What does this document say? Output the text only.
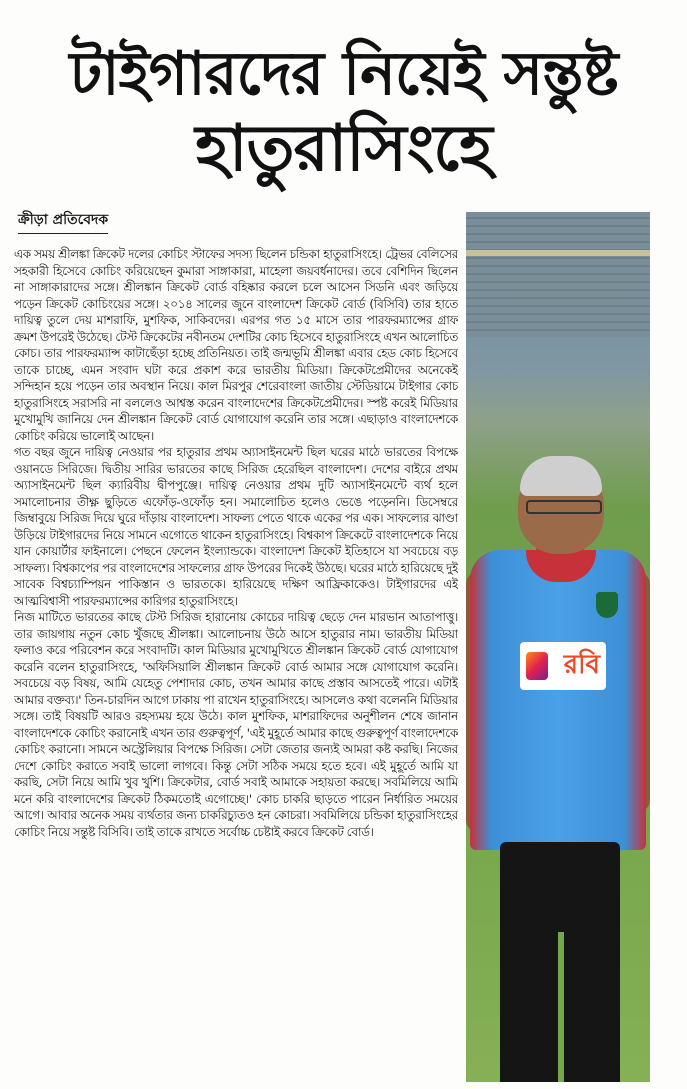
টাইগারদের নিয়েই সন্তুষ্ট
হাতুরাসিংহে
ক্রীড়া প্রতিবেদক

এক সময় শ্রীলঙ্কা ক্রিকেট দলের কোচিং স্টাফের সদস্য ছিলেন চন্ডিকা হাতুরাসিংহে। ট্রেভর বেলিসের সহকারী হিসেবে কোচিং করিয়েছেন কুমারা সাঙ্গাকারা, মাহেলা জয়বর্ধনাদের। তবে বেশিদিন ছিলেন না সাঙ্গাকারাদের সঙ্গে। শ্রীলঙ্কান ক্রিকেট বোর্ড বহিষ্কার করলে চলে আসেন সিডনি এবং জড়িয়ে পড়েন ক্রিকেট কোচিংয়ের সঙ্গে। ২০১৪ সালের জুনে বাংলাদেশ ক্রিকেট বোর্ড (বিসিবি) তার হাতে দায়িত্ব তুলে দেয় মাশরাফি, মুশফিক, সাকিবদের। এরপর গত ১৫ মাসে তার পারফরম্যান্সের গ্রাফ ক্রমশ উপরেই উঠেছে। টেস্ট ক্রিকেটের নবীনতম দেশটির কোচ হিসেবে হাতুরাসিংহে এখন আলোচিত কোচ। তার পারফরম্যান্স কাটাছেঁড়া হচ্ছে প্রতিনিয়ত। তাই জন্মভূমি শ্রীলঙ্কা এবার হেড কোচ হিসেবে তাকে চাচ্ছে, এমন সংবাদ ঘটা করে প্রকাশ করে ভারতীয় মিডিয়া। ক্রিকেটপ্রেমীদের অনেকেই সন্দিহান হয়ে পড়েন তার অবস্থান নিয়ে। কাল মিরপুর শেরেবাংলা জাতীয় স্টেডিয়ামে টাইগার কোচ হাতুরাসিংহে সরাসরি না বললেও আশ্বস্ত করেন বাংলাদেশের ক্রিকেটপ্রেমীদের। স্পষ্ট করেই মিডিয়ার মুখোমুখি জানিয়ে দেন শ্রীলঙ্কান ক্রিকেট বোর্ড যোগাযোগ করেনি তার সঙ্গে। এছাড়াও বাংলাদেশকে কোচিং করিয়ে ভালোই আছেন।

গত বছর জুনে দায়িত্ব নেওয়ার পর হাতুরার প্রথম অ্যাসাইনমেন্ট ছিল ঘরের মাঠে ভারতের বিপক্ষে ওয়ানডে সিরিজে। দ্বিতীয় সারির ভারতের কাছে সিরিজ হেরেছিল বাংলাদেশ। দেশের বাইরে প্রথম অ্যাসাইনমেন্ট ছিল ক্যারিবীয় দ্বীপপুঞ্জে। দায়িত্ব নেওয়ার প্রথম দুটি অ্যাসাইনমেন্টে ব্যর্থ হলে সমালোচনার তীক্ষ্ণ ছুড়িতে এফোঁড়-ওফোঁড় হন। সমালোচিত হলেও ভেঙে পড়েননি। ডিসেম্বরে জিম্বাবুয়ে সিরিজ দিয়ে ঘুরে দাঁড়ায় বাংলাদেশ। সাফল্য পেতে থাকে একের পর এক। সাফল্যের ঝাণ্ডা উড়িয়ে টাইগারদের নিয়ে সামনে এগোতে থাকেন হাতুরাসিংহে। বিশ্বকাপ ক্রিকেটে বাংলাদেশকে নিয়ে যান কোয়ার্টার ফাইনালে। পেছনে ফেলেন ইংল্যান্ডকে। বাংলাদেশ ক্রিকেট ইতিহাসে যা সবচেয়ে বড় সাফল্য। বিশ্বকাপের পর বাংলাদেশের সাফল্যের গ্রাফ উপরের দিকেই উঠছে। ঘরের মাঠে হারিয়েছে দুই সাবেক বিশ্বচ্যাম্পিয়ন পাকিস্তান ও ভারতকে। হারিয়েছে দক্ষিণ আফ্রিকাকেও। টাইগারদের এই আত্মবিশ্বাসী পারফরম্যান্সের কারিগর হাতুরাসিংহে।

নিজ মাটিতে ভারতের কাছে টেস্ট সিরিজ হারানোয় কোচের দায়িত্ব ছেড়ে দেন মারভান আতাপাত্তু। তার জায়গায় নতুন কোচ খুঁজছে শ্রীলঙ্কা। আলোচনায় উঠে আসে হাতুরার নাম। ভারতীয় মিডিয়া ফলাও করে পরিবেশন করে সংবাদটি। কাল মিডিয়ার মুখোমুখিতে শ্রীলঙ্কান ক্রিকেট বোর্ড যোগাযোগ করেনি বলেন হাতুরাসিংহে, 'অফিসিয়ালি শ্রীলঙ্কান ক্রিকেট বোর্ড আমার সঙ্গে যোগাযোগ করেনি। সবচেয়ে বড় বিষয়, আমি যেহেতু পেশাদার কোচ, তখন আমার কাছে প্রস্তাব আসতেই পারে। এটাই আমার বক্তব্য।' তিন-চারদিন আগে ঢাকায় পা রাখেন হাতুরাসিংহে। আসলেও কথা বলেননি মিডিয়ার সঙ্গে। তাই বিষয়টি আরও রহস্যময় হয়ে উঠে। কাল মুশফিক, মাশরাফিদের অনুশীলন শেষে জানান বাংলাদেশকে কোচিং করানোই এখন তার গুরুত্বপূর্ণ, 'এই মুহূর্তে আমার কাছে গুরুত্বপূর্ণ বাংলাদেশকে কোচিং করানো। সামনে অস্ট্রেলিয়ার বিপক্ষে সিরিজ। সেটা জেতার জন্যই আমরা কষ্ট করছি। নিজের দেশে কোচিং করাতে সবাই ভালো লাগবে। কিন্তু সেটা সঠিক সময়ে হতে হবে। এই মুহূর্তে আমি যা করছি, সেটা নিয়ে আমি খুব খুশি। ক্রিকেটার, বোর্ড সবাই আমাকে সহায়তা করছে। সবমিলিয়ে আমি মনে করি বাংলাদেশের ক্রিকেট ঠিকমতোই এগোচ্ছে।' কোচ চাকরি ছাড়তে পারেন নির্ধারিত সময়ের আগে। আবার অনেক সময় ব্যর্থতার জন্য চাকরিচ্যুতও হন কোচরা। সবমিলিয়ে চন্ডিকা হাতুরাসিংহের কোচিং নিয়ে সন্তুষ্ট বিসিবি। তাই তাকে রাখতে সর্বোচ্চ চেষ্টাই করবে ক্রিকেট বোর্ড।

রবি
